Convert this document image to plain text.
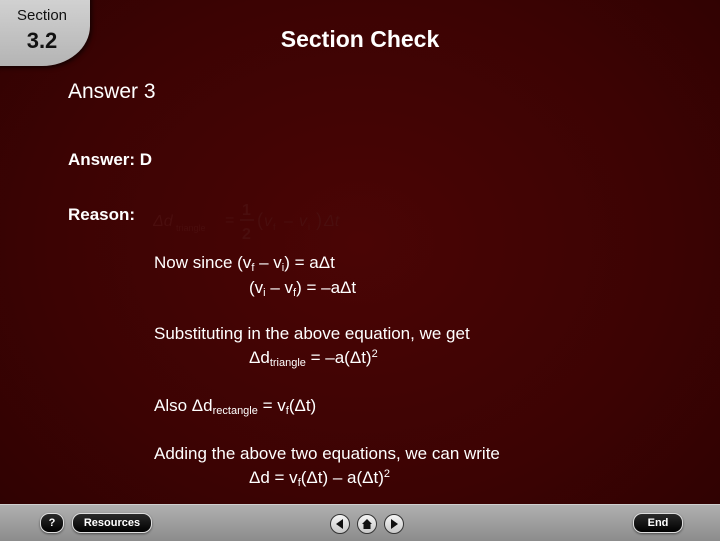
Section
3.2	Section Check
Answer 3
Answer: D
Reason: Δd triangle =
1
2
( v f – v i ) Δt
Now since $(v_f - v_i) = a\Delta t$
$(v_i - v_f) = -a\Delta t$
Substituting in the above equation, we get
$\Delta d_{triangle} = -a(\Delta t)^2$
Also $\Delta d_{rectangle} = v_f(\Delta t)$
Adding the above two equations, we can write
$\Delta d = v_f(\Delta t) - a(\Delta t)^2$
?	Resources	End
